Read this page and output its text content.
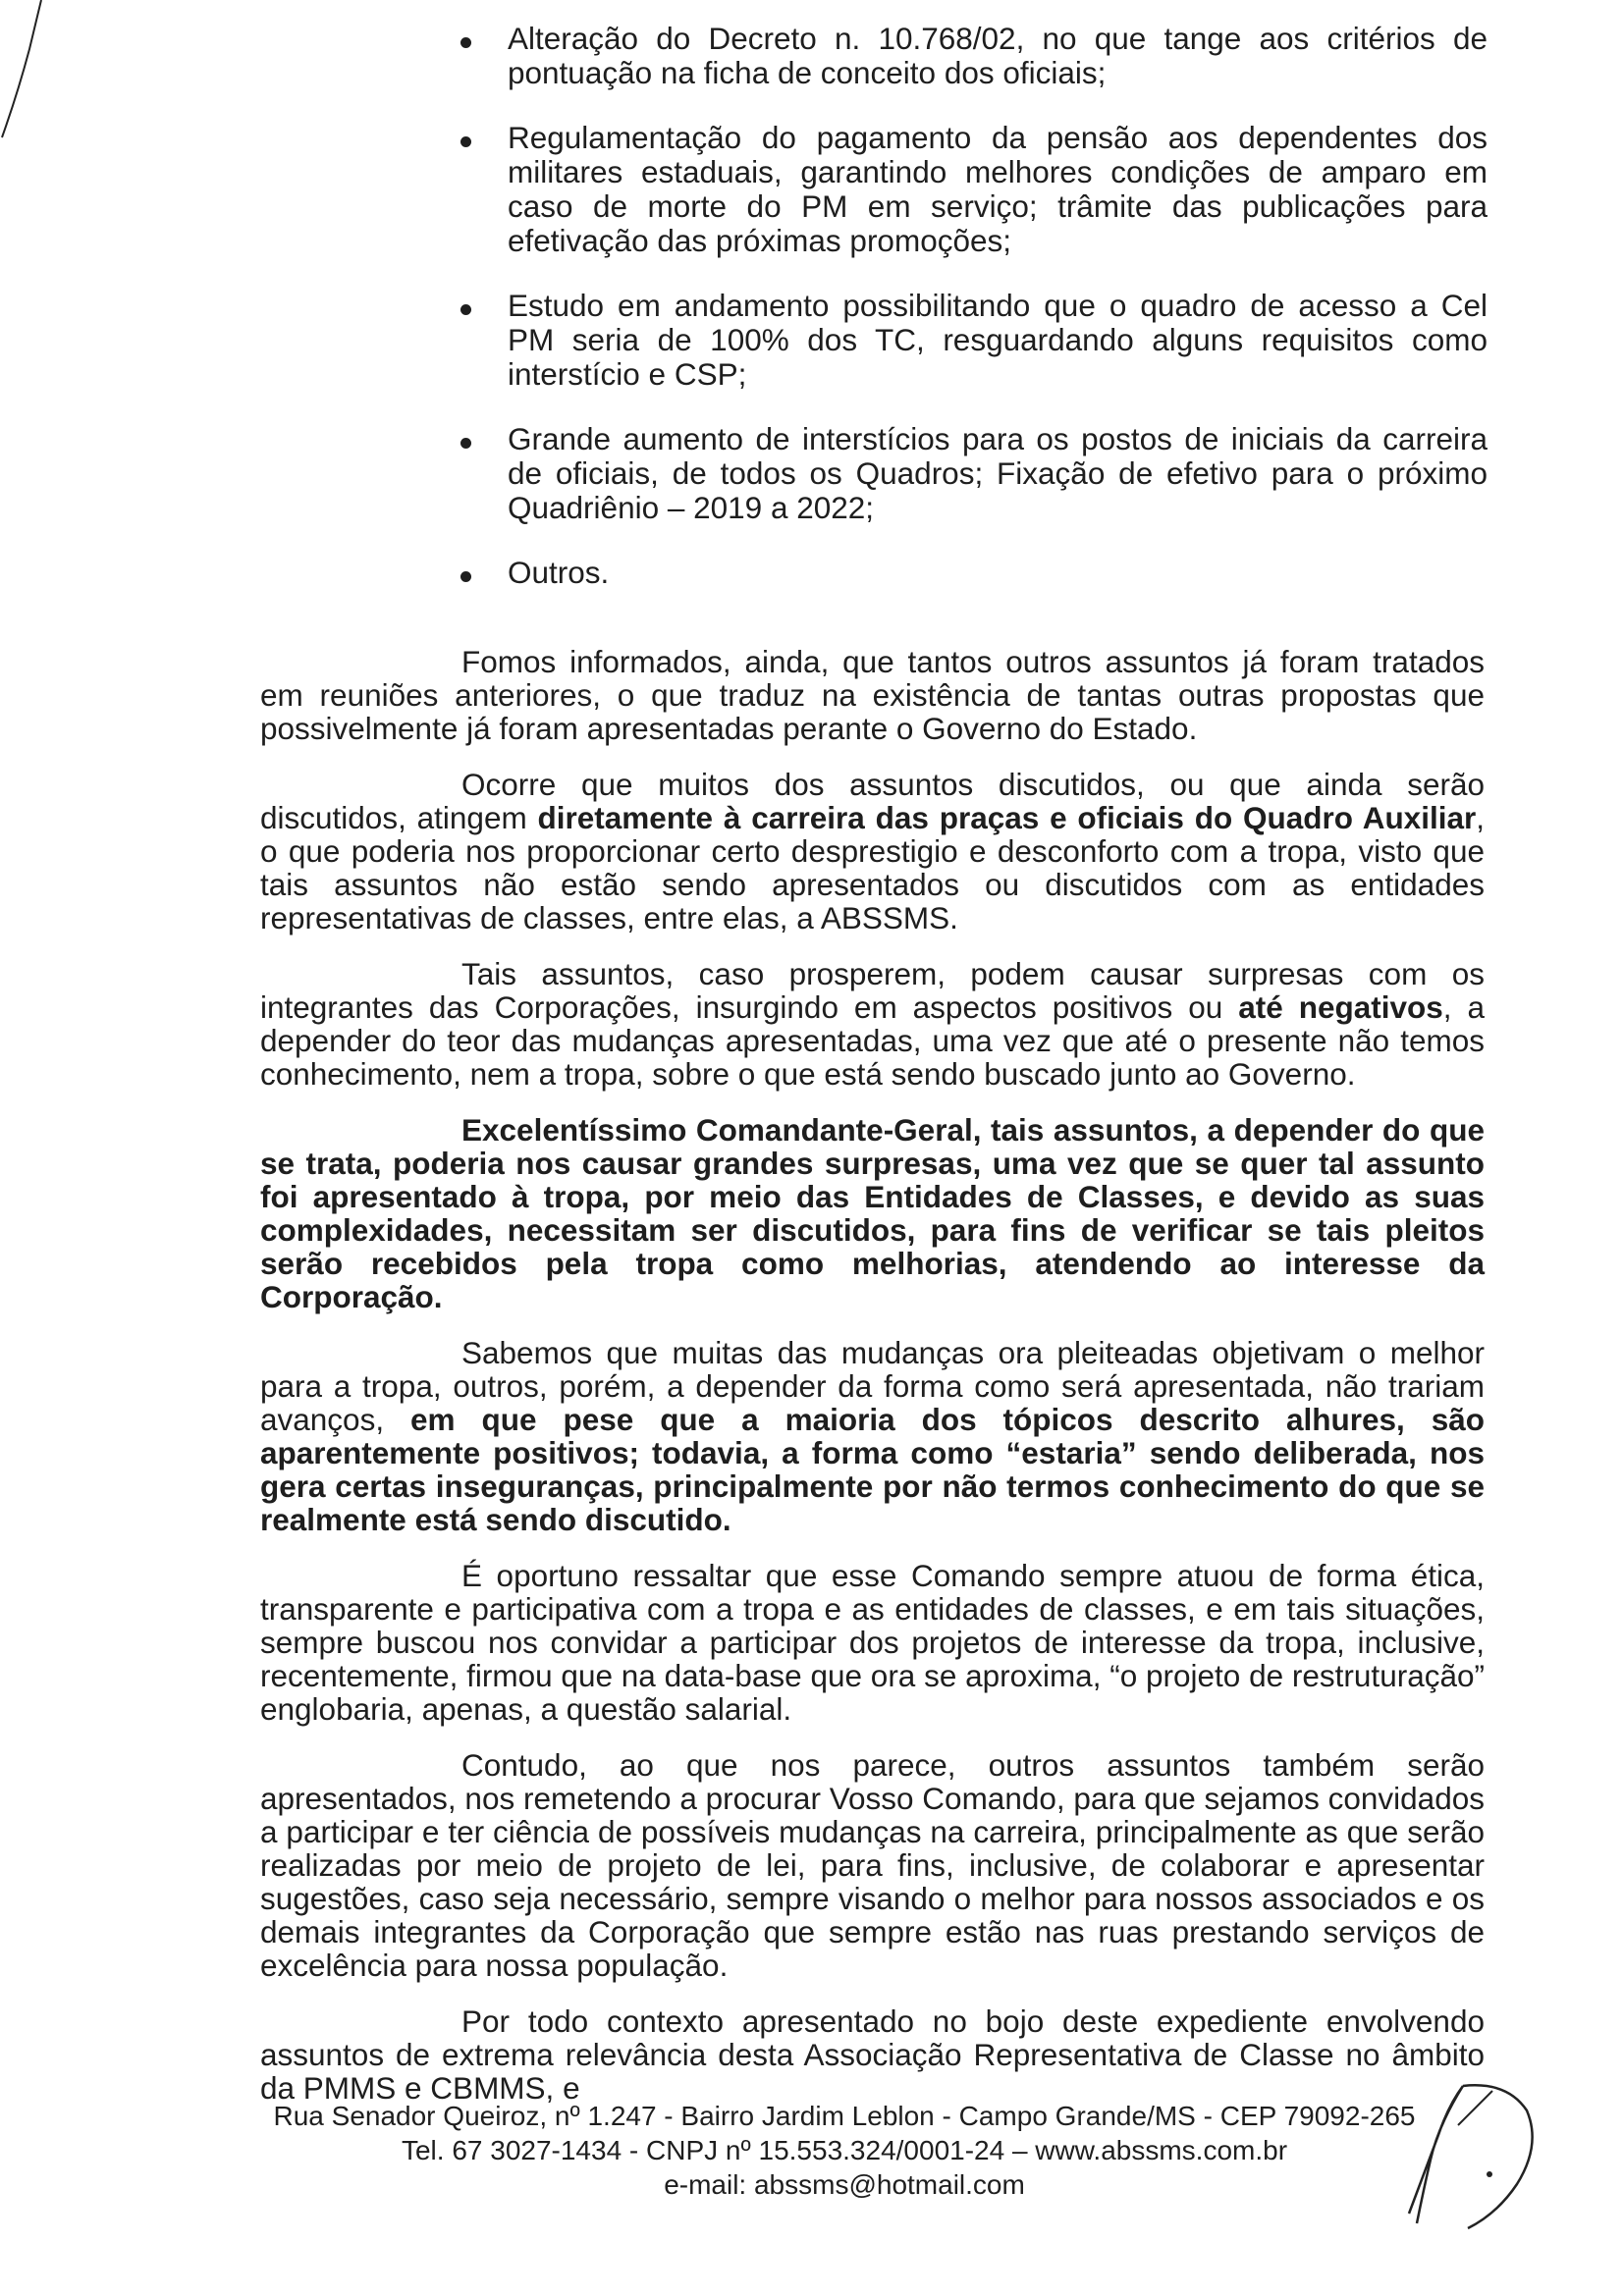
Alteração do Decreto n. 10.768/02, no que tange aos critérios de pontuação na ficha de conceito dos oficiais;
Regulamentação do pagamento da pensão aos dependentes dos militares estaduais, garantindo melhores condições de amparo em caso de morte do PM em serviço; trâmite das publicações para efetivação das próximas promoções;
Estudo em andamento possibilitando que o quadro de acesso a Cel PM seria de 100% dos TC, resguardando alguns requisitos como interstício e CSP;
Grande aumento de interstícios para os postos de iniciais da carreira de oficiais, de todos os Quadros; Fixação de efetivo para o próximo Quadriênio – 2019 a 2022;
Outros.

Fomos informados, ainda, que tantos outros assuntos já foram tratados em reuniões anteriores, o que traduz na existência de tantas outras propostas que possivelmente já foram apresentadas perante o Governo do Estado.

Ocorre que muitos dos assuntos discutidos, ou que ainda serão discutidos, atingem diretamente à carreira das praças e oficiais do Quadro Auxiliar, o que poderia nos proporcionar certo desprestigio e desconforto com a tropa, visto que tais assuntos não estão sendo apresentados ou discutidos com as entidades representativas de classes, entre elas, a ABSSMS.

Tais assuntos, caso prosperem, podem causar surpresas com os integrantes das Corporações, insurgindo em aspectos positivos ou até negativos, a depender do teor das mudanças apresentadas, uma vez que até o presente não temos conhecimento, nem a tropa, sobre o que está sendo buscado junto ao Governo.

Excelentíssimo Comandante-Geral, tais assuntos, a depender do que se trata, poderia nos causar grandes surpresas, uma vez que se quer tal assunto foi apresentado à tropa, por meio das Entidades de Classes, e devido as suas complexidades, necessitam ser discutidos, para fins de verificar se tais pleitos serão recebidos pela tropa como melhorias, atendendo ao interesse da Corporação.

Sabemos que muitas das mudanças ora pleiteadas objetivam o melhor para a tropa, outros, porém, a depender da forma como será apresentada, não trariam avanços, em que pese que a maioria dos tópicos descrito alhures, são aparentemente positivos; todavia, a forma como “estaria” sendo deliberada, nos gera certas inseguranças, principalmente por não termos conhecimento do que se realmente está sendo discutido.

É oportuno ressaltar que esse Comando sempre atuou de forma ética, transparente e participativa com a tropa e as entidades de classes, e em tais situações, sempre buscou nos convidar a participar dos projetos de interesse da tropa, inclusive, recentemente, firmou que na data-base que ora se aproxima, “o projeto de restruturação” englobaria, apenas, a questão salarial.

Contudo, ao que nos parece, outros assuntos também serão apresentados, nos remetendo a procurar Vosso Comando, para que sejamos convidados a participar e ter ciência de possíveis mudanças na carreira, principalmente as que serão realizadas por meio de projeto de lei, para fins, inclusive, de colaborar e apresentar sugestões, caso seja necessário, sempre visando o melhor para nossos associados e os demais integrantes da Corporação que sempre estão nas ruas prestando serviços de excelência para nossa população.

Por todo contexto apresentado no bojo deste expediente envolvendo assuntos de extrema relevância desta Associação Representativa de Classe no âmbito da PMMS e CBMMS, e

Rua Senador Queiroz, nº 1.247 - Bairro Jardim Leblon - Campo Grande/MS - CEP 79092-265
Tel. 67 3027-1434 - CNPJ nº 15.553.324/0001-24 – www.abssms.com.br
e-mail: abssms@hotmail.com
